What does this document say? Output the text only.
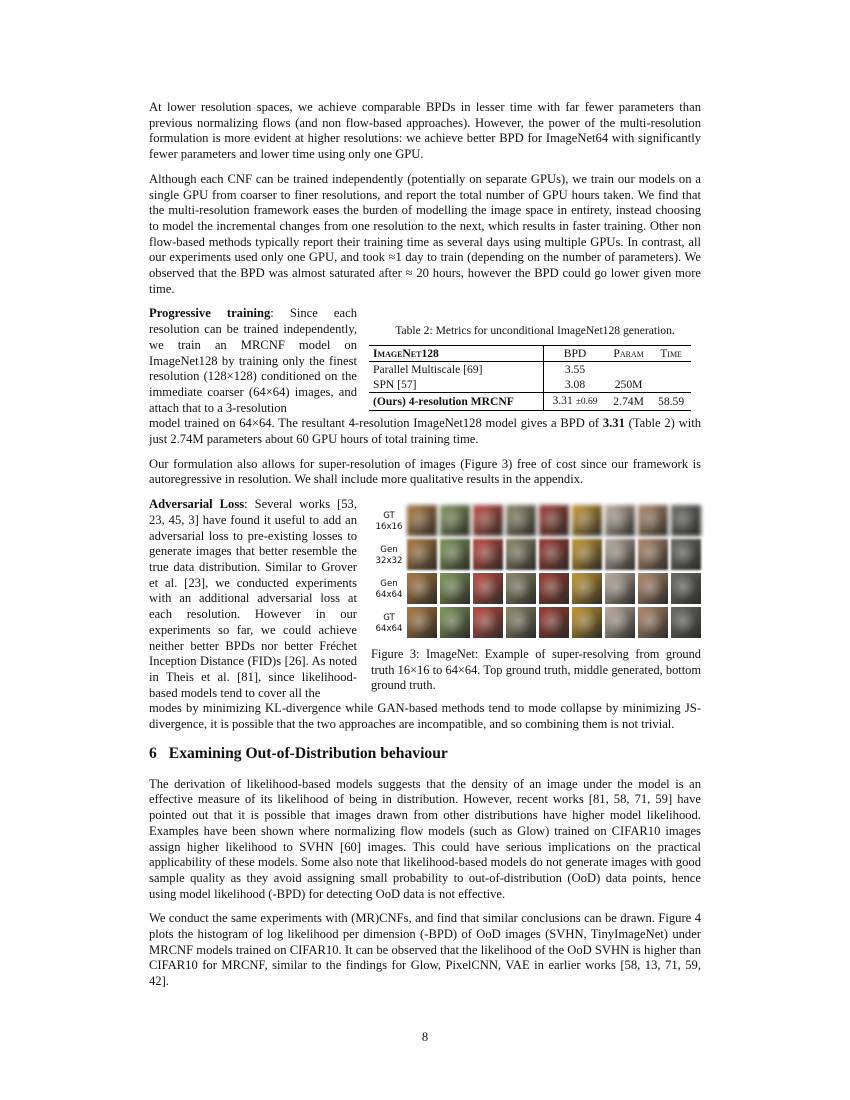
At lower resolution spaces, we achieve comparable BPDs in lesser time with far fewer parameters than previous normalizing flows (and non flow-based approaches). However, the power of the multi-resolution formulation is more evident at higher resolutions: we achieve better BPD for ImageNet64 with significantly fewer parameters and lower time using only one GPU.

Although each CNF can be trained independently (potentially on separate GPUs), we train our models on a single GPU from coarser to finer resolutions, and report the total number of GPU hours taken. We find that the multi-resolution framework eases the burden of modelling the image space in entirety, instead choosing to model the incremental changes from one resolution to the next, which results in faster training. Other non flow-based methods typically report their training time as several days using multiple GPUs. In contrast, all our experiments used only one GPU, and took ≈1 day to train (depending on the number of parameters). We observed that the BPD was almost saturated after ≈ 20 hours, however the BPD could go lower given more time.

Table 2: Metrics for unconditional ImageNet128 generation.
ImageNet128	BPD	Param	Time
Parallel Multiscale [69]	3.55		
SPN [57]	3.08	250M	
(Ours) 4-resolution MRCNF	3.31 ±0.69	2.74M	58.59

Progressive training: Since each resolution can be trained independently, we train an MRCNF model on ImageNet128 by training only the finest resolution (128×128) conditioned on the immediate coarser (64×64) images, and attach that to a 3-resolution

model trained on 64×64. The resultant 4-resolution ImageNet128 model gives a BPD of 3.31 (Table 2) with just 2.74M parameters about 60 GPU hours of total training time.

Our formulation also allows for super-resolution of images (Figure 3) free of cost since our framework is autoregressive in resolution. We shall include more qualitative results in the appendix.

GT
16x16
Gen
32x32
Gen
64x64
GT
64x64
Figure 3: ImageNet: Example of super-resolving from ground truth 16×16 to 64×64. Top ground truth, middle generated, bottom ground truth.

Adversarial Loss: Several works [53, 23, 45, 3] have found it useful to add an adversarial loss to pre-existing losses to generate images that better resemble the true data distribution. Similar to Grover et al. [23], we conducted experiments with an additional adversarial loss at each resolution. However in our experiments so far, we could achieve neither better BPDs nor better Fréchet Inception Distance (FID)s [26]. As noted in Theis et al. [81], since likelihood-based models tend to cover all the

modes by minimizing KL-divergence while GAN-based methods tend to mode collapse by minimizing JS-divergence, it is possible that the two approaches are incompatible, and so combining them is not trivial.

6 Examining Out-of-Distribution behaviour

The derivation of likelihood-based models suggests that the density of an image under the model is an effective measure of its likelihood of being in distribution. However, recent works [81, 58, 71, 59] have pointed out that it is possible that images drawn from other distributions have higher model likelihood. Examples have been shown where normalizing flow models (such as Glow) trained on CIFAR10 images assign higher likelihood to SVHN [60] images. This could have serious implications on the practical applicability of these models. Some also note that likelihood-based models do not generate images with good sample quality as they avoid assigning small probability to out-of-distribution (OoD) data points, hence using model likelihood (-BPD) for detecting OoD data is not effective.

We conduct the same experiments with (MR)CNFs, and find that similar conclusions can be drawn. Figure 4 plots the histogram of log likelihood per dimension (-BPD) of OoD images (SVHN, TinyImageNet) under MRCNF models trained on CIFAR10. It can be observed that the likelihood of the OoD SVHN is higher than CIFAR10 for MRCNF, similar to the findings for Glow, PixelCNN, VAE in earlier works [58, 13, 71, 59, 42].

8
